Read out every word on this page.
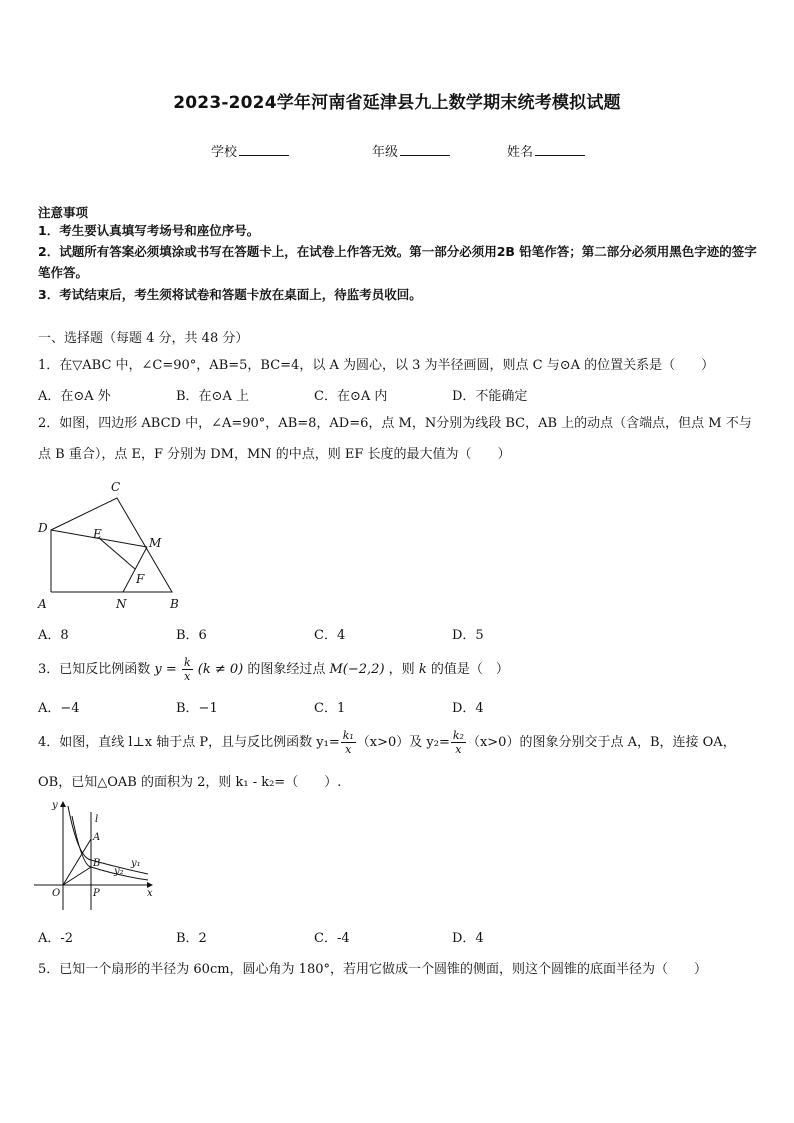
2023-2024学年河南省延津县九上数学期末统考模拟试题
学校	年级	姓名
注意事项
1．考生要认真填写考场号和座位序号。
2．试题所有答案必须填涂或书写在答题卡上，在试卷上作答无效。第一部分必须用2B 铅笔作答；第二部分必须用黑色字迹的签字笔作答。
3．考试结束后，考生须将试卷和答题卡放在桌面上，待监考员收回。
一、选择题（每题 4 分，共 48 分）
1．在▽ABC 中，∠C=90°，AB=5，BC=4，以 A 为圆心，以 3 为半径画圆，则点 C 与⊙A 的位置关系是（　　）
A．在⊙A 外	B．在⊙A 上	C．在⊙A 内	D．不能确定
2．如图，四边形 ABCD 中，∠A=90°，AB=8，AD=6，点 M，N分别为线段 BC，AB 上的动点（含端点，但点 M 不与点 B 重合），点 E，F 分别为 DM，MN 的中点，则 EF 长度的最大值为（　　）
A	B
C
D	E
F
M
N
A．8	B．6	C．4	D．5
3．已知反比例函数 $y = \frac{k}{x} (k \ne 0)$ 的图象经过点 M(−2,2) ，则 k 的值是（　）
A．−4	B．−1	C．1	D．4
4．如图，直线 l⊥x 轴于点 P，且与反比例函数 $y_1= \frac{\text{k₁}}{x} (x>0)$及 $y_2= \frac{\text{k₂}}{x} (x>0)$的图象分别交于点 A，B，连接 OA，
OB，已知△OAB 的面积为 2，则 k₁ - k₂=（　　）.
y
x
O	P
A
B
l
y₁
y₂
A．-2	B．2	C．-4	D．4
5．已知一个扇形的半径为 60cm，圆心角为 180°，若用它做成一个圆锥的侧面，则这个圆锥的底面半径为（　　）
